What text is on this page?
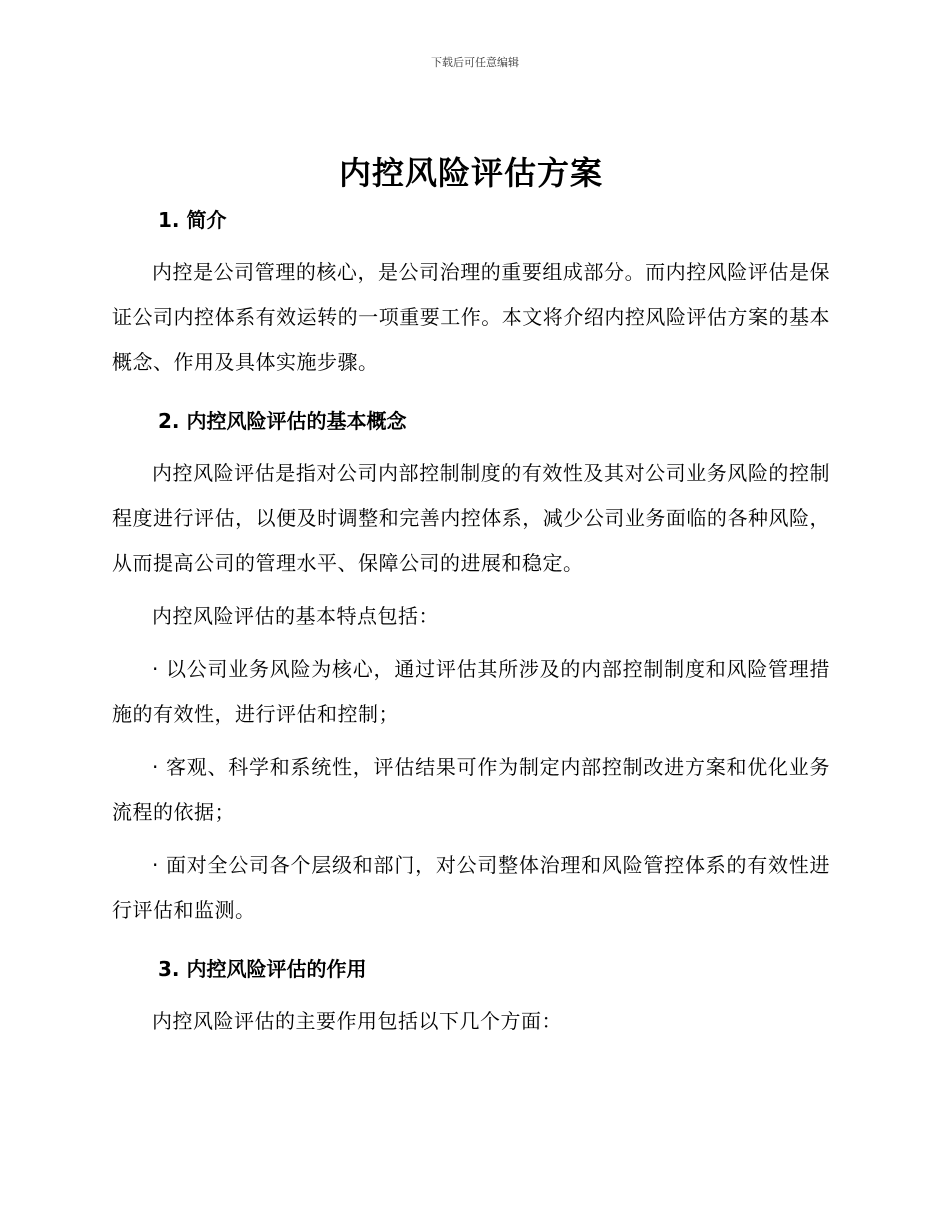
下载后可任意编辑
内控风险评估方案
1. 简介

内控是公司管理的核心，是公司治理的重要组成部分。而内控风险评估是保证公司内控体系有效运转的一项重要工作。本文将介绍内控风险评估方案的基本概念、作用及具体实施步骤。

2. 内控风险评估的基本概念

内控风险评估是指对公司内部控制制度的有效性及其对公司业务风险的控制程度进行评估，以便及时调整和完善内控体系，减少公司业务面临的各种风险，从而提高公司的管理水平、保障公司的进展和稳定。

内控风险评估的基本特点包括：

· 以公司业务风险为核心，通过评估其所涉及的内部控制制度和风险管理措施的有效性，进行评估和控制；

· 客观、科学和系统性，评估结果可作为制定内部控制改进方案和优化业务流程的依据；

· 面对全公司各个层级和部门，对公司整体治理和风险管控体系的有效性进行评估和监测。

3. 内控风险评估的作用

内控风险评估的主要作用包括以下几个方面：
